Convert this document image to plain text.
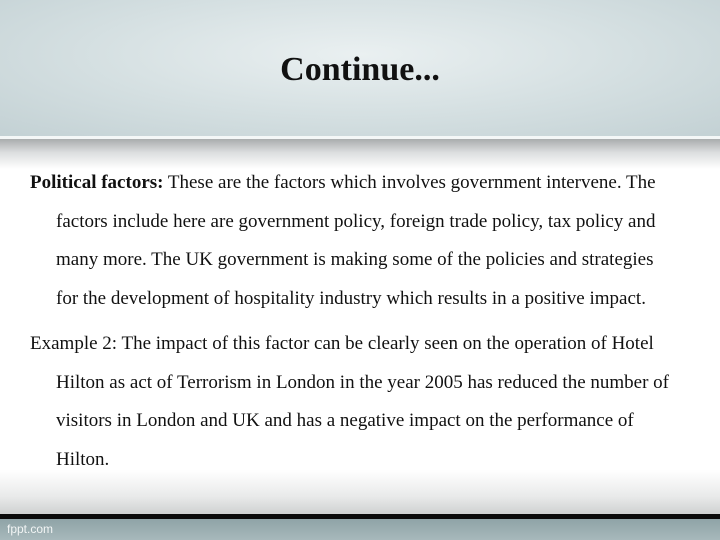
Continue...

Political factors: These are the factors which involves government intervene. The factors include here are government policy, foreign trade policy, tax policy and many more. The UK government is making some of the policies and strategies for the development of hospitality industry which results in a positive impact.

Example 2: The impact of this factor can be clearly seen on the operation of Hotel Hilton as act of Terrorism in London in the year 2005 has reduced the number of visitors in London and UK and has a negative impact on the performance of Hilton.

fppt.com
